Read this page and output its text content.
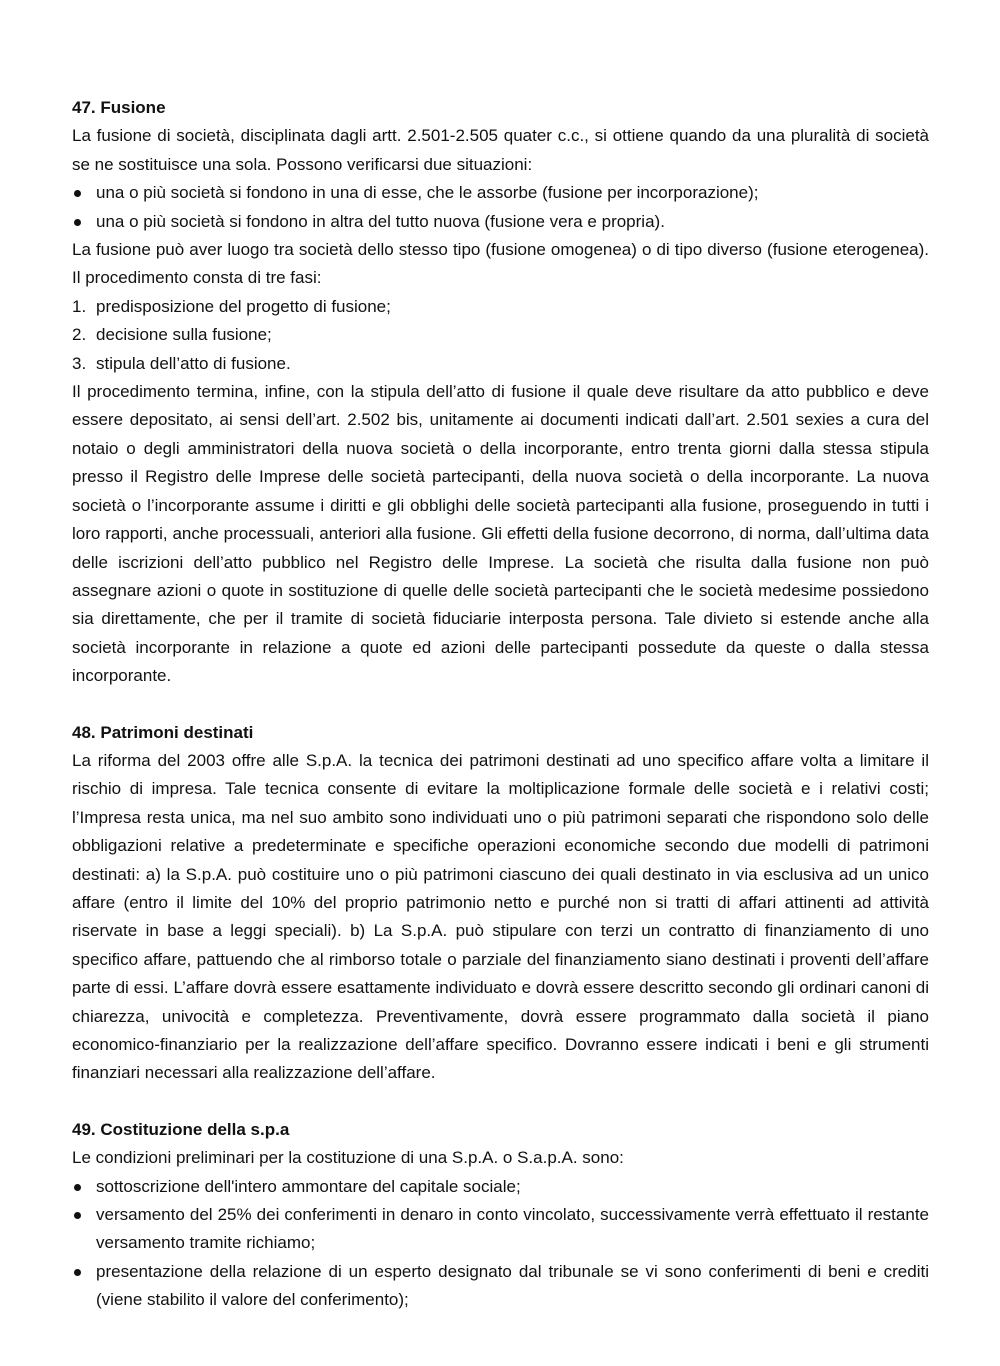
47. Fusione

La fusione di società, disciplinata dagli artt. 2.501-2.505 quater c.c., si ottiene quando da una pluralità di società se ne sostituisce una sola. Possono verificarsi due situazioni:

una o più società si fondono in una di esse, che le assorbe (fusione per incorporazione);
una o più società si fondono in altra del tutto nuova (fusione vera e propria).

La fusione può aver luogo tra società dello stesso tipo (fusione omogenea) o di tipo diverso (fusione eterogenea). Il procedimento consta di tre fasi:

1. predisposizione del progetto di fusione;
2. decisione sulla fusione;
3. stipula dell’atto di fusione.

Il procedimento termina, infine, con la stipula dell’atto di fusione il quale deve risultare da atto pubblico e deve essere depositato, ai sensi dell’art. 2.502 bis, unitamente ai documenti indicati dall’art. 2.501 sexies a cura del notaio o degli amministratori della nuova società o della incorporante, entro trenta giorni dalla stessa stipula presso il Registro delle Imprese delle società partecipanti, della nuova società o della incorporante. La nuova società o l’incorporante assume i diritti e gli obblighi delle società partecipanti alla fusione, proseguendo in tutti i loro rapporti, anche processuali, anteriori alla fusione. Gli effetti della fusione decorrono, di norma, dall’ultima data delle iscrizioni dell’atto pubblico nel Registro delle Imprese. La società che risulta dalla fusione non può assegnare azioni o quote in sostituzione di quelle delle società partecipanti che le società medesime possiedono sia direttamente, che per il tramite di società fiduciarie interposta persona. Tale divieto si estende anche alla società incorporante in relazione a quote ed azioni delle partecipanti possedute da queste o dalla stessa incorporante.

48. Patrimoni destinati

La riforma del 2003 offre alle S.p.A. la tecnica dei patrimoni destinati ad uno specifico affare volta a limitare il rischio di impresa. Tale tecnica consente di evitare la moltiplicazione formale delle società e i relativi costi; l’Impresa resta unica, ma nel suo ambito sono individuati uno o più patrimoni separati che rispondono solo delle obbligazioni relative a predeterminate e specifiche operazioni economiche secondo due modelli di patrimoni destinati: a) la S.p.A. può costituire uno o più patrimoni ciascuno dei quali destinato in via esclusiva ad un unico affare (entro il limite del 10% del proprio patrimonio netto e purché non si tratti di affari attinenti ad attività riservate in base a leggi speciali). b) La S.p.A. può stipulare con terzi un contratto di finanziamento di uno specifico affare, pattuendo che al rimborso totale o parziale del finanziamento siano destinati i proventi dell’affare parte di essi. L’affare dovrà essere esattamente individuato e dovrà essere descritto secondo gli ordinari canoni di chiarezza, univocità e completezza. Preventivamente, dovrà essere programmato dalla società il piano economico-finanziario per la realizzazione dell’affare specifico. Dovranno essere indicati i beni e gli strumenti finanziari necessari alla realizzazione dell’affare.

49. Costituzione della s.p.a

Le condizioni preliminari per la costituzione di una S.p.A. o S.a.p.A. sono:

sottoscrizione dell'intero ammontare del capitale sociale;
versamento del 25% dei conferimenti in denaro in conto vincolato, successivamente verrà effettuato il restante versamento tramite richiamo;
presentazione della relazione di un esperto designato dal tribunale se vi sono conferimenti di beni e crediti (viene stabilito il valore del conferimento);
